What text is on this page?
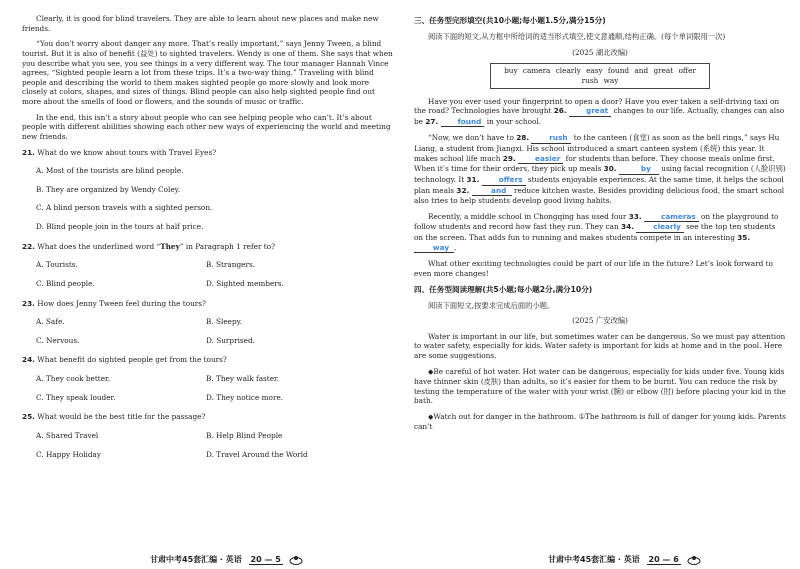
Clearly, it is good for blind travelers. They are able to learn about new places and make new friends.

“You don’t worry about danger any more. That’s really important,” says Jenny Tween, a blind tourist. But it is also of benefit (益处) to sighted travelers. Wendy is one of them. She says that when you describe what you see, you see things in a very different way. The tour manager Hannah Vince agrees, “Sighted people learn a lot from these trips. It’s a two-way thing.” Traveling with blind people and describing the world to them makes sighted people go more slowly and look more closely at colors, shapes, and sizes of things. Blind people can also help sighted people find out more about the smells of food or flowers, and the sounds of music or traffic.

In the end, this isn’t a story about people who can see helping people who can’t. It’s about people with different abilities showing each other new ways of experiencing the world and meeting new friends.

21. What do we know about tours with Travel Eyes?

A. Most of the tourists are blind people.

B. They are organized by Wendy Coley.

C. A blind person travels with a sighted person.

D. Blind people join in the tours at half price.

22. What does the underlined word “They” in Paragraph 1 refer to?

A. Tourists.	B. Strangers.
C. Blind people.	D. Sighted members.

23. How does Jenny Tween feel during the tours?

A. Safe.	B. Sleepy.
C. Nervous.	D. Surprised.

24. What benefit do sighted people get from the tours?

A. They cook better.	B. They walk faster.
C. They speak louder.	D. They notice more.

25. What would be the best title for the passage?

A. Shared Travel	B. Help Blind People
C. Happy Holiday	D. Travel Around the World
甘肃中考45套汇编 · 英语 20 — 5

三、任务型完形填空(共10小题;每小题1.5分,满分15分)

阅读下面的短文,从方框中所给词的适当形式填空,使文意通顺,结构正确。(每个单词限用一次)

(2025 湖北改编)

buy camera clearly easy found and great offer rush way

Have you ever used your fingerprint to open a door? Have you ever taken a self-driving taxi on the road? Technologies have brought 26.	great changes to our life. Actually, changes can also be 27.	found in your school.

“Now, we don’t have to 28.	rush to the canteen (食堂) as soon as the bell rings,” says Hu Liang, a student from Jiangxi. His school introduced a smart canteen system (系统) this year. It makes school life much 29.	easier for students than before. They choose meals online first. When it’s time for their orders, they pick up meals 30.	by using facial recognition (人脸识别) technology. It 31.	offers students enjoyable experiences. At the same time, it helps the school plan meals 32.	and reduce kitchen waste. Besides providing delicious food, the smart school also tries to help students develop good living habits.

Recently, a middle school in Chongqing has used four 33.	cameras on the playground to follow students and record how fast they run. They can 34.	clearly see the top ten students on the screen. That adds fun to running and makes students compete in an interesting 35. way .

What other exciting technologies could be part of our life in the future? Let’s look forward to even more changes!

四、任务型阅读理解(共5小题;每小题2分,满分10分)

阅读下面短文,按要求完成后面的小题。

(2025 广安改编)

Water is important in our life, but sometimes water can be dangerous. So we must pay attention to water safety, especially for kids. Water safety is important for kids at home and in the pool. Here are some suggestions.

◆Be careful of hot water. Hot water can be dangerous, especially for kids under five. Young kids have thinner skin (皮肤) than adults, so it’s easier for them to be burnt. You can reduce the risk by testing the temperature of the water with your wrist (腕) or elbow (肘) before placing your kid in the bath.

◆Watch out for danger in the bathroom. ①The bathroom is full of danger for young kids. Parents can’t

甘肃中考45套汇编 · 英语 20 — 6
